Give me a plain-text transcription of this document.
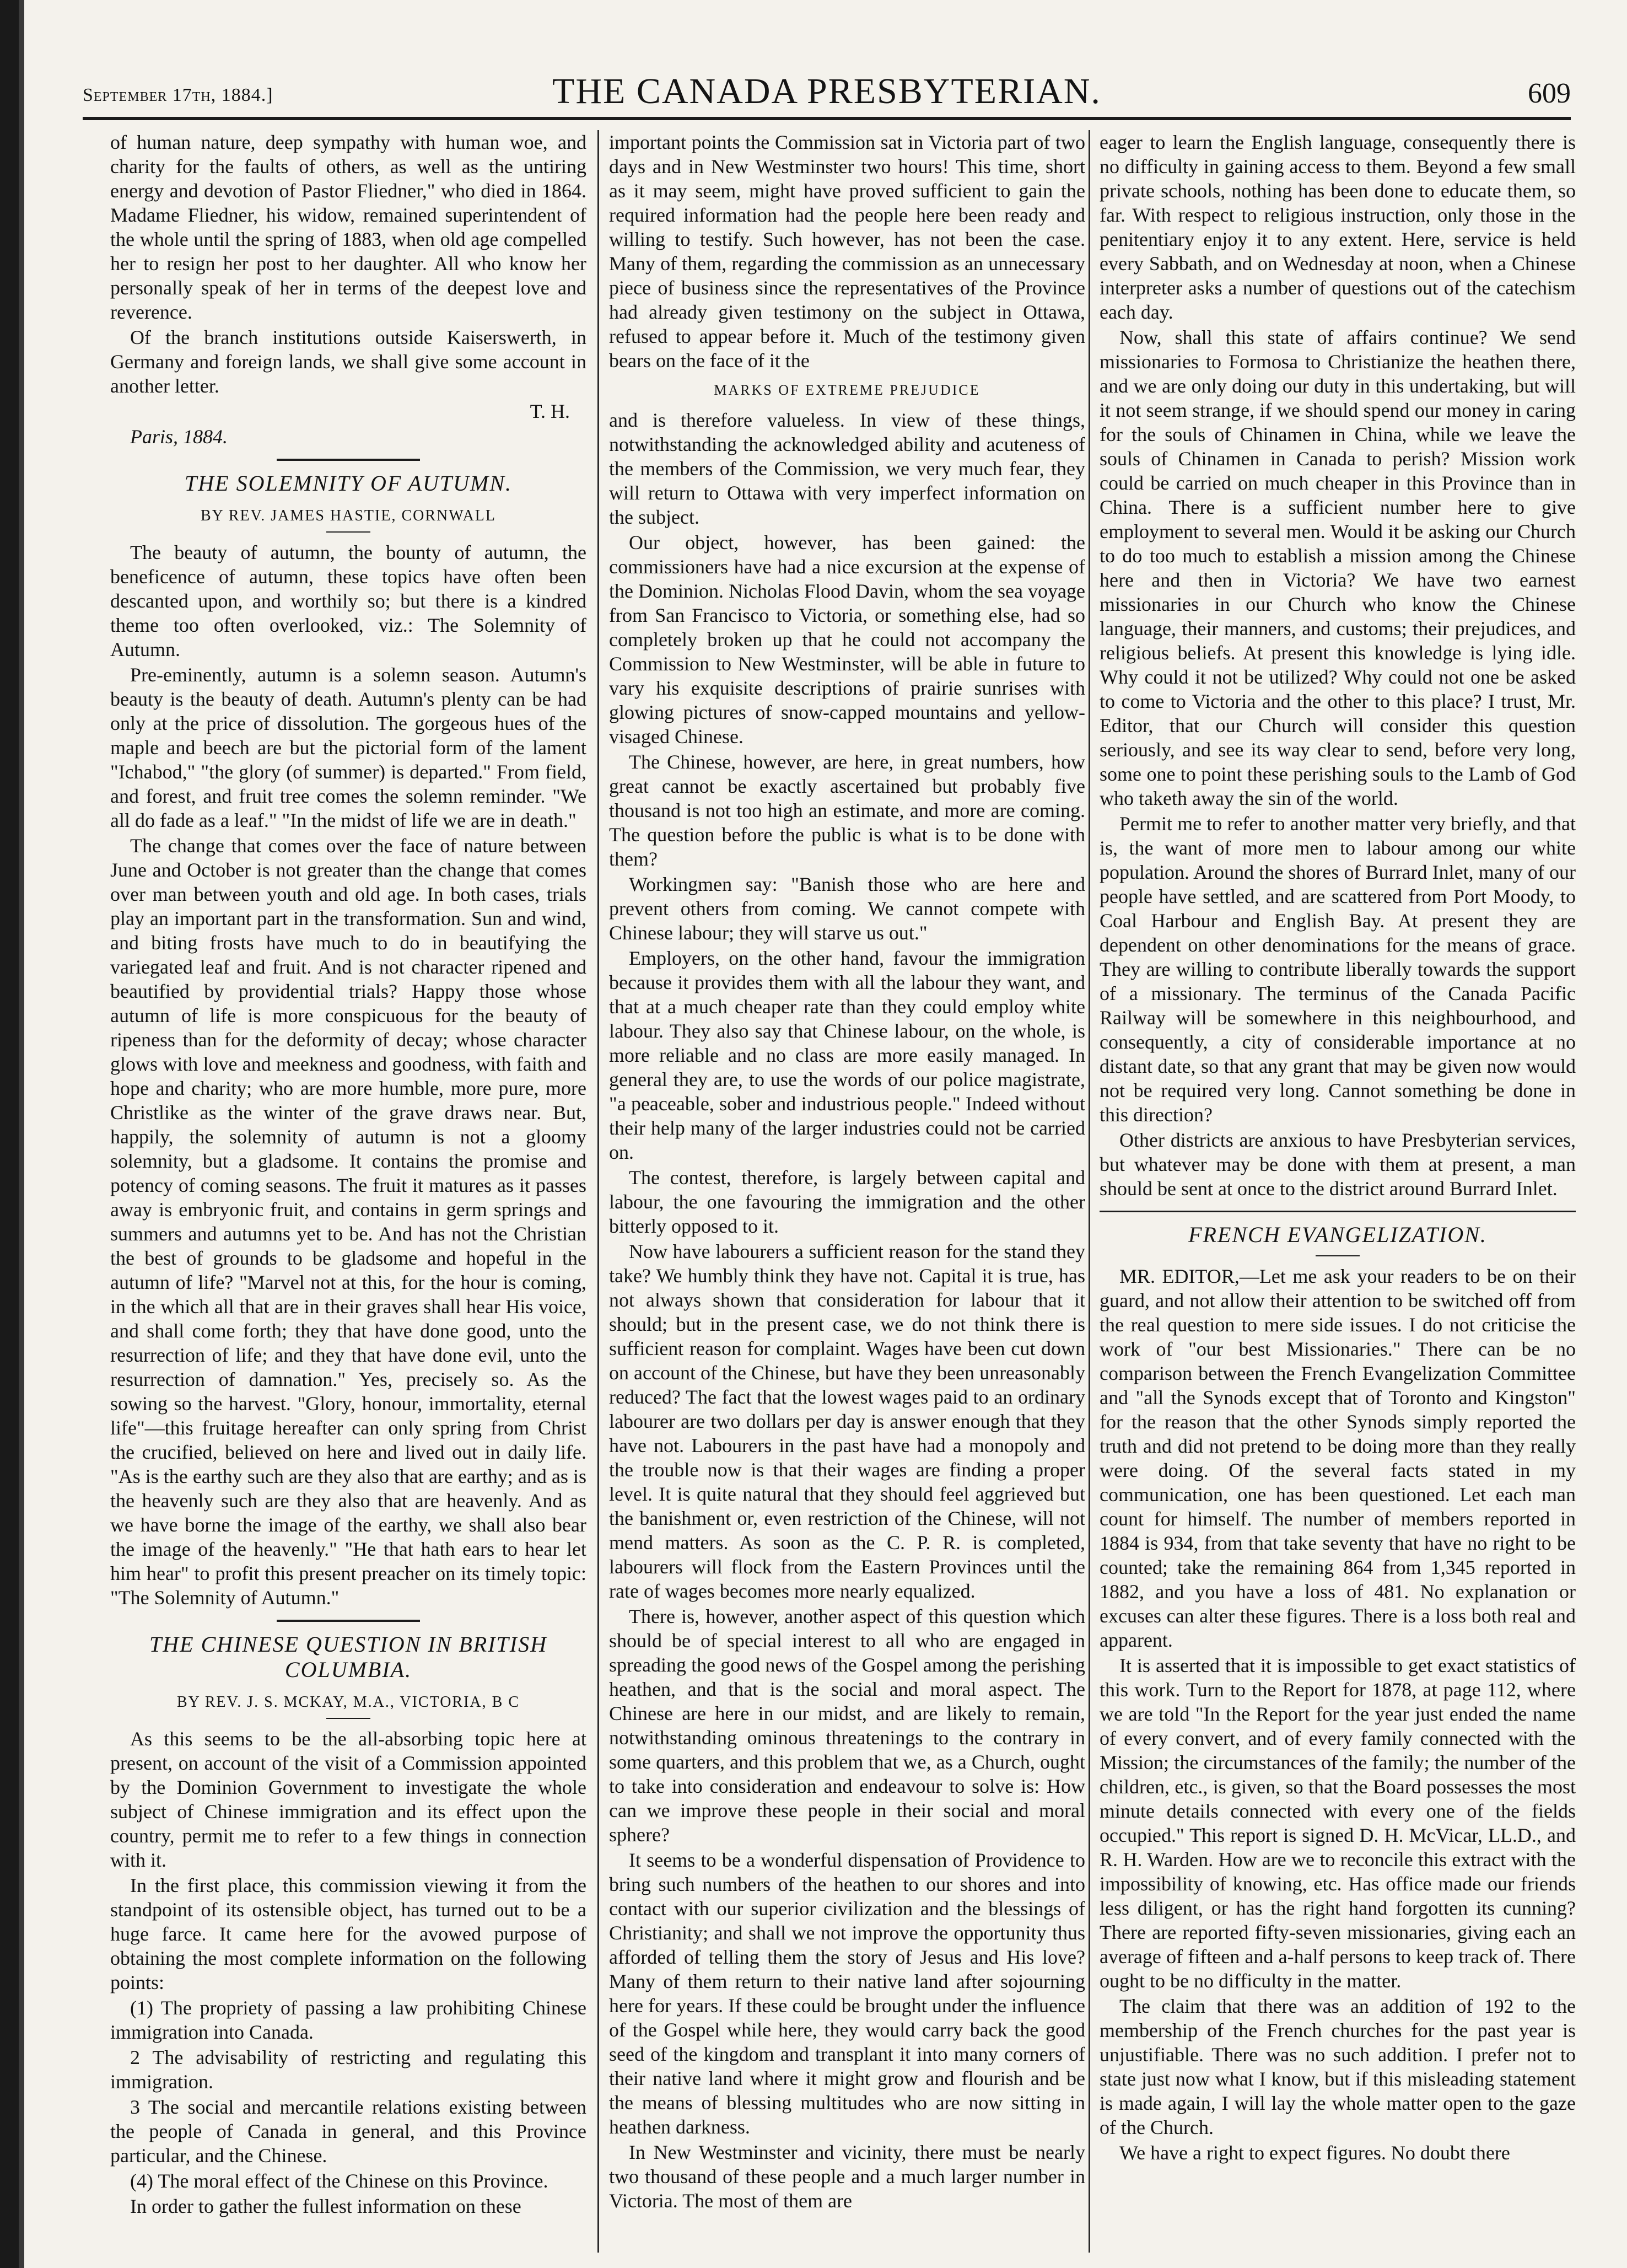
September 17th, 1884.]	THE CANADA PRESBYTERIAN.	609

of human nature, deep sympathy with human woe, and charity for the faults of others, as well as the untiring energy and devotion of Pastor Fliedner," who died in 1864. Madame Fliedner, his widow, remained superintendent of the whole until the spring of 1883, when old age compelled her to resign her post to her daughter. All who know her personally speak of her in terms of the deepest love and reverence.

Of the branch institutions outside Kaiserswerth, in Germany and foreign lands, we shall give some account in another letter.

T. H.

Paris, 1884.

THE SOLEMNITY OF AUTUMN.
BY REV. JAMES HASTIE, CORNWALL

The beauty of autumn, the bounty of autumn, the beneficence of autumn, these topics have often been descanted upon, and worthily so; but there is a kindred theme too often overlooked, viz.: The Solemnity of Autumn.

Pre-eminently, autumn is a solemn season. Autumn's beauty is the beauty of death. Autumn's plenty can be had only at the price of dissolution. The gorgeous hues of the maple and beech are but the pictorial form of the lament "Ichabod," "the glory (of summer) is departed." From field, and forest, and fruit tree comes the solemn reminder. "We all do fade as a leaf." "In the midst of life we are in death."

The change that comes over the face of nature between June and October is not greater than the change that comes over man between youth and old age. In both cases, trials play an important part in the transformation. Sun and wind, and biting frosts have much to do in beautifying the variegated leaf and fruit. And is not character ripened and beautified by providential trials? Happy those whose autumn of life is more conspicuous for the beauty of ripeness than for the deformity of decay; whose character glows with love and meekness and goodness, with faith and hope and charity; who are more humble, more pure, more Christlike as the winter of the grave draws near. But, happily, the solemnity of autumn is not a gloomy solemnity, but a gladsome. It contains the promise and potency of coming seasons. The fruit it matures as it passes away is embryonic fruit, and contains in germ springs and summers and autumns yet to be. And has not the Christian the best of grounds to be gladsome and hopeful in the autumn of life? "Marvel not at this, for the hour is coming, in the which all that are in their graves shall hear His voice, and shall come forth; they that have done good, unto the resurrection of life; and they that have done evil, unto the resurrection of damnation." Yes, precisely so. As the sowing so the harvest. "Glory, honour, immortality, eternal life"—this fruitage hereafter can only spring from Christ the crucified, believed on here and lived out in daily life. "As is the earthy such are they also that are earthy; and as is the heavenly such are they also that are heavenly. And as we have borne the image of the earthy, we shall also bear the image of the heavenly." "He that hath ears to hear let him hear" to profit this present preacher on its timely topic: "The Solemnity of Autumn."

THE CHINESE QUESTION IN BRITISH COLUMBIA.
BY REV. J. S. MCKAY, M.A., VICTORIA, B C

As this seems to be the all-absorbing topic here at present, on account of the visit of a Commission appointed by the Dominion Government to investigate the whole subject of Chinese immigration and its effect upon the country, permit me to refer to a few things in connection with it.

In the first place, this commission viewing it from the standpoint of its ostensible object, has turned out to be a huge farce. It came here for the avowed purpose of obtaining the most complete information on the following points:

(1) The propriety of passing a law prohibiting Chinese immigration into Canada.

2 The advisability of restricting and regulating this immigration.

3 The social and mercantile relations existing between the people of Canada in general, and this Province particular, and the Chinese.

(4) The moral effect of the Chinese on this Province.

In order to gather the fullest information on these

important points the Commission sat in Victoria part of two days and in New Westminster two hours! This time, short as it may seem, might have proved sufficient to gain the required information had the people here been ready and willing to testify. Such however, has not been the case. Many of them, regarding the commission as an unnecessary piece of business since the representatives of the Province had already given testimony on the subject in Ottawa, refused to appear before it. Much of the testimony given bears on the face of it the

MARKS OF EXTREME PREJUDICE

and is therefore valueless. In view of these things, notwithstanding the acknowledged ability and acuteness of the members of the Commission, we very much fear, they will return to Ottawa with very imperfect information on the subject.

Our object, however, has been gained: the commissioners have had a nice excursion at the expense of the Dominion. Nicholas Flood Davin, whom the sea voyage from San Francisco to Victoria, or something else, had so completely broken up that he could not accompany the Commission to New Westminster, will be able in future to vary his exquisite descriptions of prairie sunrises with glowing pictures of snow-capped mountains and yellow-visaged Chinese.

The Chinese, however, are here, in great numbers, how great cannot be exactly ascertained but probably five thousand is not too high an estimate, and more are coming. The question before the public is what is to be done with them?

Workingmen say: "Banish those who are here and prevent others from coming. We cannot compete with Chinese labour; they will starve us out."

Employers, on the other hand, favour the immigration because it provides them with all the labour they want, and that at a much cheaper rate than they could employ white labour. They also say that Chinese labour, on the whole, is more reliable and no class are more easily managed. In general they are, to use the words of our police magistrate, "a peaceable, sober and industrious people." Indeed without their help many of the larger industries could not be carried on.

The contest, therefore, is largely between capital and labour, the one favouring the immigration and the other bitterly opposed to it.

Now have labourers a sufficient reason for the stand they take? We humbly think they have not. Capital it is true, has not always shown that consideration for labour that it should; but in the present case, we do not think there is sufficient reason for complaint. Wages have been cut down on account of the Chinese, but have they been unreasonably reduced? The fact that the lowest wages paid to an ordinary labourer are two dollars per day is answer enough that they have not. Labourers in the past have had a monopoly and the trouble now is that their wages are finding a proper level. It is quite natural that they should feel aggrieved but the banishment or, even restriction of the Chinese, will not mend matters. As soon as the C. P. R. is completed, labourers will flock from the Eastern Provinces until the rate of wages becomes more nearly equalized.

There is, however, another aspect of this question which should be of special interest to all who are engaged in spreading the good news of the Gospel among the perishing heathen, and that is the social and moral aspect. The Chinese are here in our midst, and are likely to remain, notwithstanding ominous threatenings to the contrary in some quarters, and this problem that we, as a Church, ought to take into consideration and endeavour to solve is: How can we improve these people in their social and moral sphere?

It seems to be a wonderful dispensation of Providence to bring such numbers of the heathen to our shores and into contact with our superior civilization and the blessings of Christianity; and shall we not improve the opportunity thus afforded of telling them the story of Jesus and His love? Many of them return to their native land after sojourning here for years. If these could be brought under the influence of the Gospel while here, they would carry back the good seed of the kingdom and transplant it into many corners of their native land where it might grow and flourish and be the means of blessing multitudes who are now sitting in heathen darkness.

In New Westminster and vicinity, there must be nearly two thousand of these people and a much larger number in Victoria. The most of them are

eager to learn the English language, consequently there is no difficulty in gaining access to them. Beyond a few small private schools, nothing has been done to educate them, so far. With respect to religious instruction, only those in the penitentiary enjoy it to any extent. Here, service is held every Sabbath, and on Wednesday at noon, when a Chinese interpreter asks a number of questions out of the catechism each day.

Now, shall this state of affairs continue? We send missionaries to Formosa to Christianize the heathen there, and we are only doing our duty in this undertaking, but will it not seem strange, if we should spend our money in caring for the souls of Chinamen in China, while we leave the souls of Chinamen in Canada to perish? Mission work could be carried on much cheaper in this Province than in China. There is a sufficient number here to give employment to several men. Would it be asking our Church to do too much to establish a mission among the Chinese here and then in Victoria? We have two earnest missionaries in our Church who know the Chinese language, their manners, and customs; their prejudices, and religious beliefs. At present this knowledge is lying idle. Why could it not be utilized? Why could not one be asked to come to Victoria and the other to this place? I trust, Mr. Editor, that our Church will consider this question seriously, and see its way clear to send, before very long, some one to point these perishing souls to the Lamb of God who taketh away the sin of the world.

Permit me to refer to another matter very briefly, and that is, the want of more men to labour among our white population. Around the shores of Burrard Inlet, many of our people have settled, and are scattered from Port Moody, to Coal Harbour and English Bay. At present they are dependent on other denominations for the means of grace. They are willing to contribute liberally towards the support of a missionary. The terminus of the Canada Pacific Railway will be somewhere in this neighbourhood, and consequently, a city of considerable importance at no distant date, so that any grant that may be given now would not be required very long. Cannot something be done in this direction?

Other districts are anxious to have Presbyterian services, but whatever may be done with them at present, a man should be sent at once to the district around Burrard Inlet.

FRENCH EVANGELIZATION.

MR. EDITOR,—Let me ask your readers to be on their guard, and not allow their attention to be switched off from the real question to mere side issues. I do not criticise the work of "our best Missionaries." There can be no comparison between the French Evangelization Committee and "all the Synods except that of Toronto and Kingston" for the reason that the other Synods simply reported the truth and did not pretend to be doing more than they really were doing. Of the several facts stated in my communication, one has been questioned. Let each man count for himself. The number of members reported in 1884 is 934, from that take seventy that have no right to be counted; take the remaining 864 from 1,345 reported in 1882, and you have a loss of 481. No explanation or excuses can alter these figures. There is a loss both real and apparent.

It is asserted that it is impossible to get exact statistics of this work. Turn to the Report for 1878, at page 112, where we are told "In the Report for the year just ended the name of every convert, and of every family connected with the Mission; the circumstances of the family; the number of the children, etc., is given, so that the Board possesses the most minute details connected with every one of the fields occupied." This report is signed D. H. McVicar, LL.D., and R. H. Warden. How are we to reconcile this extract with the impossibility of knowing, etc. Has office made our friends less diligent, or has the right hand forgotten its cunning? There are reported fifty-seven missionaries, giving each an average of fifteen and a-half persons to keep track of. There ought to be no difficulty in the matter.

The claim that there was an addition of 192 to the membership of the French churches for the past year is unjustifiable. There was no such addition. I prefer not to state just now what I know, but if this misleading statement is made again, I will lay the whole matter open to the gaze of the Church.

We have a right to expect figures. No doubt there
